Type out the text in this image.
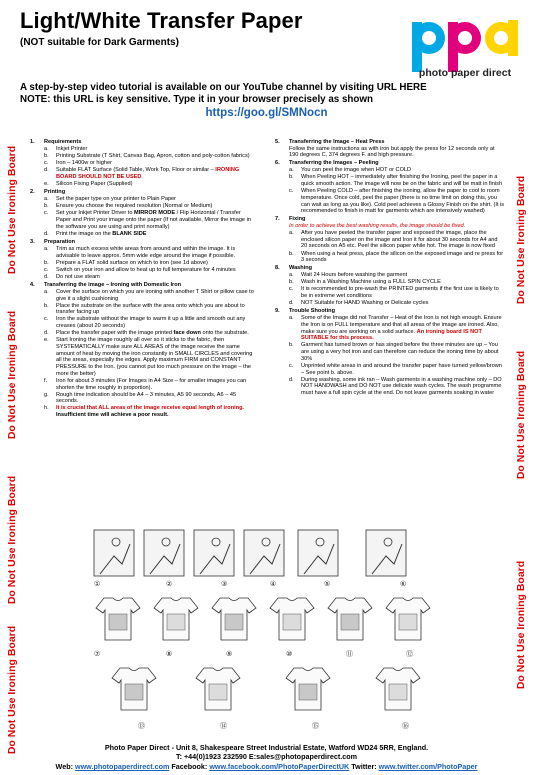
Light/White Transfer Paper
(NOT suitable for Dark Garments)
photo paper direct
A step-by-step video tutorial is available on our YouTube channel by visiting URL HERE
NOTE: this URL is key sensitive. Type it in your browser precisely as shown
https://goo.gl/SMNocn
Do Not Use Ironing Board
Do Not Use Ironing Board
Do Not Use Ironing Board
Do Not Use Ironing Board
Do Not Use Ironing Board
Do Not Use Ironing Board
Do Not Use Ironing Board
1.	Requirements
a.	Inkjet Printer
b.	Printing Substrate (T Shirt, Canvas Bag, Apron, cotton and poly-cotton fabrics)
c.	Iron – 1400w or higher
d.	Suitable FLAT Surface (Solid Table, Work Top, Floor or similar – IRONING BOARD SHOULD NOT BE USED
e.	Silicon Fixing Paper (Supplied)
2.	Printing
a.	Set the paper type on your printer to Plain Paper
b.	Ensure you choose the required resolution (Normal or Medium)
c.	Set your Inkjet Printer Driver to MIRROR MODE / Flip Horizontal / Transfer Paper and Print your image onto the paper (If not available, Mirror the image in the software you are using and print normally)
d.	Print the image on the BLANK SIDE
3.	Preparation
a.	Trim as much excess white areas from around and within the image. It is advisable to leave approx. 5mm wide edge around the image if possible.
b.	Prepare a FLAT solid surface on which to iron (see 1d above)
c.	Switch on your iron and allow to heat up to full temperature for 4 minutes
d.	Do not use steam
4.	Transferring the image – Ironing with Domestic Iron
a.	Cover the surface on which you are ironing with another T Shirt or pillow case to give it a slight cushioning
b.	Place the substrate on the surface with the area onto which you are about to transfer facing up
c.	Iron the substrate without the image to warm it up a little and smooth out any creases (about 20 seconds)
d.	Place the transfer paper with the image printed face down onto the substrate.
e.	Start Ironing the image roughly all over so it sticks to the fabric, then SYSTEMATICALLY make sure ALL AREAS of the image receive the same amount of heat by moving the iron constantly in SMALL CIRCLES and covering all the areas, especially the edges. Apply maximum FIRM and CONSTANT PRESSURE to the Iron. (you cannot put too much pressure on the image – the more the better)
f.	Iron for about 3 minutes (For Images in A4 Size – for smaller images you can shorten the time roughly in proportion).
g.	Rough time indication should be A4 – 3 minutes, A5 90 seconds, A6 – 45 seconds.
h.	It is crucial that ALL areas of the image receive equal length of ironing. Insufficient time will achieve a poor result.
5.	Transferring the Image – Heat Press
Follow the same instructions as with iron but apply the press for 12 seconds only at 190 degrees C, 374 degrees F. and high pressure.
6.	Transferring the Images – Peeling
a.	You can peel the image when HOT or COLD
b.	When Peeling HOT – immediately after finishing the Ironing, peel the paper in a quick smooth action. The image will now be on the fabric and will be matt in finish
c.	When Peeling COLD – after finishing the ironing, allow the paper to cool to room temperature. Once cold, peel the paper (there is no time limit on doing this, you can wait as long as you like). Cold peel achieves a Glossy Finish on the shirt. (It is recommended to finish in matt for garments which are intensively washed)
7.	Fixing
In order to achieve the best washing results, the image should be fixed.
a.	After you have peeled the transfer paper and exposed the image, place the enclosed silicon paper on the image and Iron it for about 30 seconds for A4 and 20 seconds on A5 etc. Peel the silicon paper while hot. The image is now fixed
b.	When using a heat press, place the silicon on the exposed image and re press for 3 seconds
8.	Washing
a.	Wait 24 Hours before washing the garment
b.	Wash in a Washing Machine using a FULL SPIN CYCLE
c.	It is recommended to pre-wash the PRINTED garments if the first use is likely to be in extreme wet conditions
d.	NOT Suitable for HAND Washing or Delicate cycles
9.	Trouble Shooting
a.	Some of the Image did not Transfer – Heat of the Iron is not high enough. Ensure the Iron is on FULL temperature and that all areas of the image are ironed. Also, make sure you are working on a solid surface. An ironing board IS NOT SUITABLE for this process.
b.	Garment has turned brown or has singed before the three minutes are up – You are using a very hot iron and can therefore can reduce the ironing time by about 30%
c.	Unprinted white areas in and around the transfer paper have turned yellow/brown – See point b. above.
d.	During washing, some ink ran – Wash garments in a washing machine only – DO NOT HANDWASH and DO NOT use delicate wash cycles. The wash programme must have a full spin cycle at the end. Do not leave garments soaking in water
①	②	③	④	⑤	⑥
⑦	⑧	⑨	⑩	⑪	⑫
⑬	⑭	⑮	⑯
Photo Paper Direct - Unit 8, Shakespeare Street Industrial Estate, Watford WD24 5RR, England.
T: +44(0)1923 232590 E:sales@photopaperdirect.com
Web: www.photopaperdirect.com Facebook: www.facebook.com/PhotoPaperDirectUK Twitter: www.twitter.com/PhotoPaper
